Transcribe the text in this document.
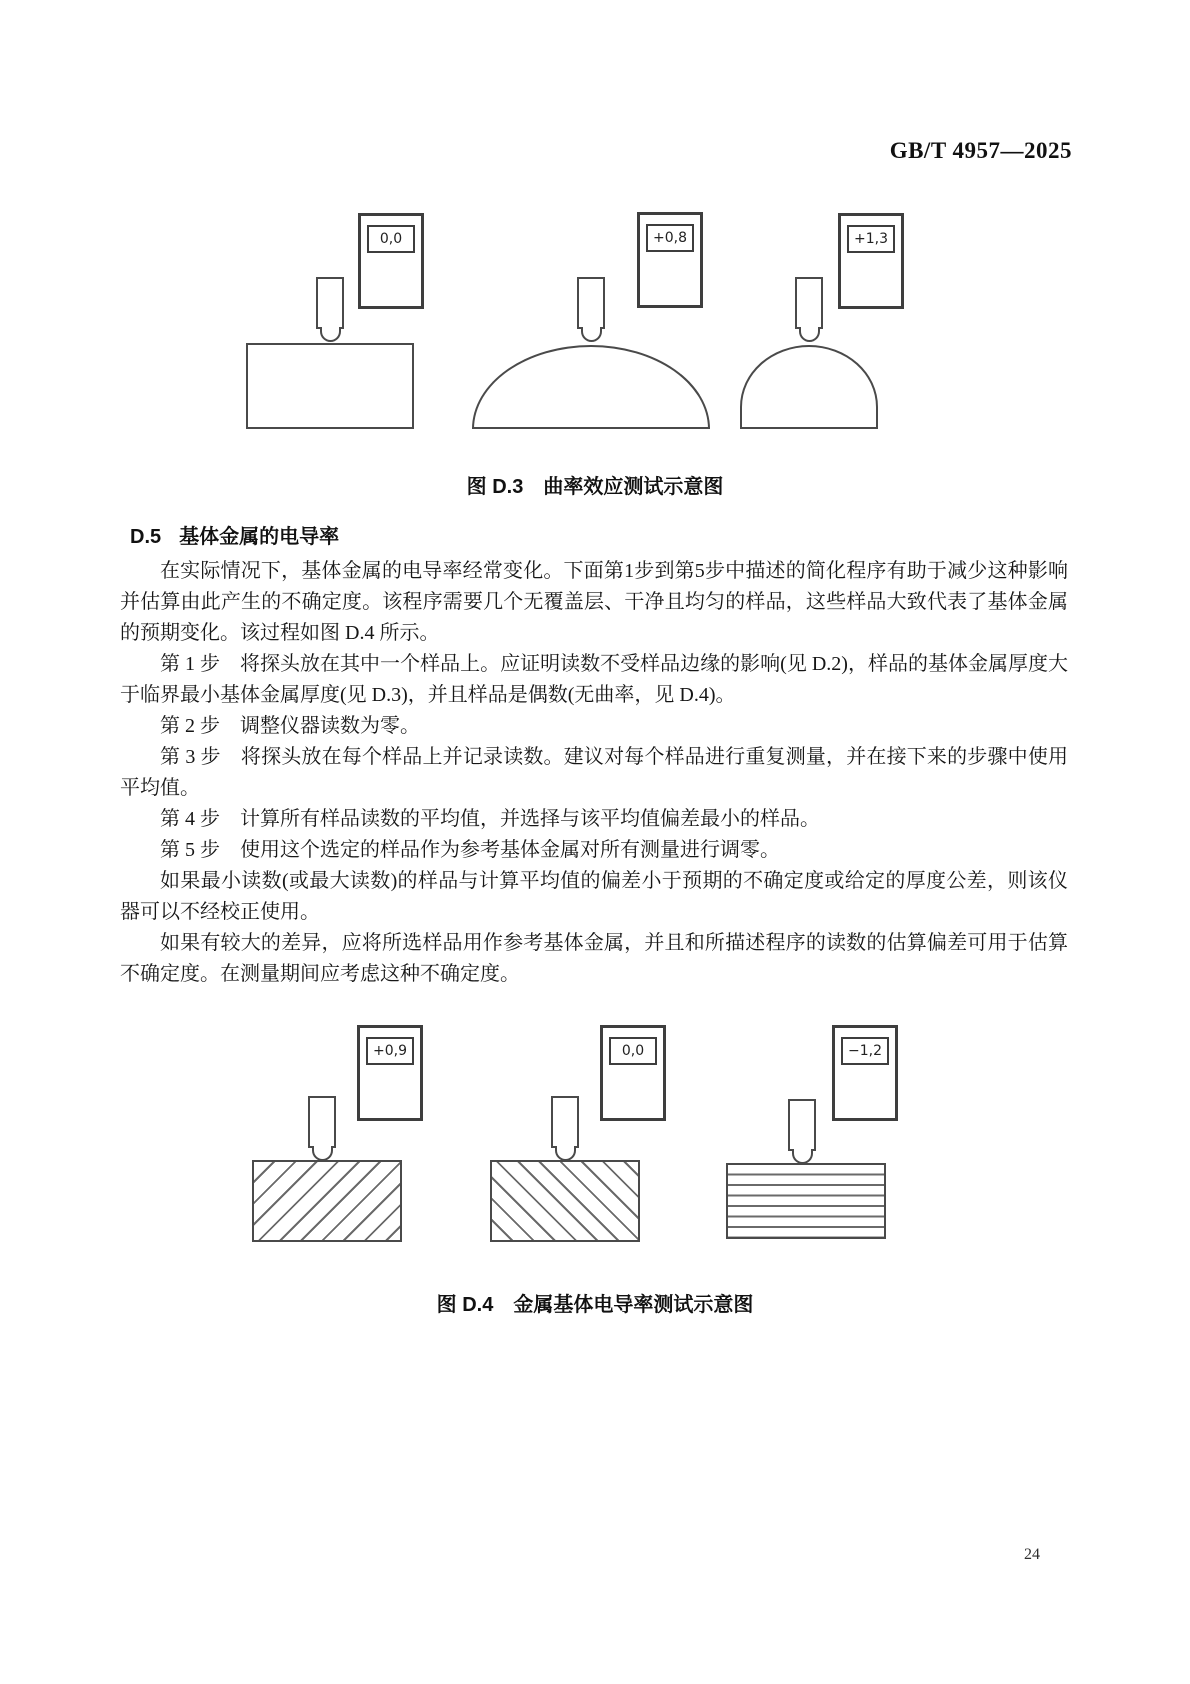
GB/T 4957—2025
0,0	+0,8	+1,3
图 D.3　曲率效应测试示意图
D.5 基体金属的电导率

在实际情况下，基体金属的电导率经常变化。下面第1步到第5步中描述的简化程序有助于减少这种影响并估算由此产生的不确定度。该程序需要几个无覆盖层、干净且均匀的样品，这些样品大致代表了基体金属的预期变化。该过程如图 D.4 所示。

第 1 步　将探头放在其中一个样品上。应证明读数不受样品边缘的影响(见 D.2)，样品的基体金属厚度大于临界最小基体金属厚度(见 D.3)，并且样品是偶数(无曲率，见 D.4)。

第 2 步　调整仪器读数为零。

第 3 步　将探头放在每个样品上并记录读数。建议对每个样品进行重复测量，并在接下来的步骤中使用平均值。

第 4 步　计算所有样品读数的平均值，并选择与该平均值偏差最小的样品。

第 5 步　使用这个选定的样品作为参考基体金属对所有测量进行调零。

如果最小读数(或最大读数)的样品与计算平均值的偏差小于预期的不确定度或给定的厚度公差，则该仪器可以不经校正使用。

如果有较大的差异，应将所选样品用作参考基体金属，并且和所描述程序的读数的估算偏差可用于估算不确定度。在测量期间应考虑这种不确定度。

+0,9	0,0	−1,2
图 D.4　金属基体电导率测试示意图
24
